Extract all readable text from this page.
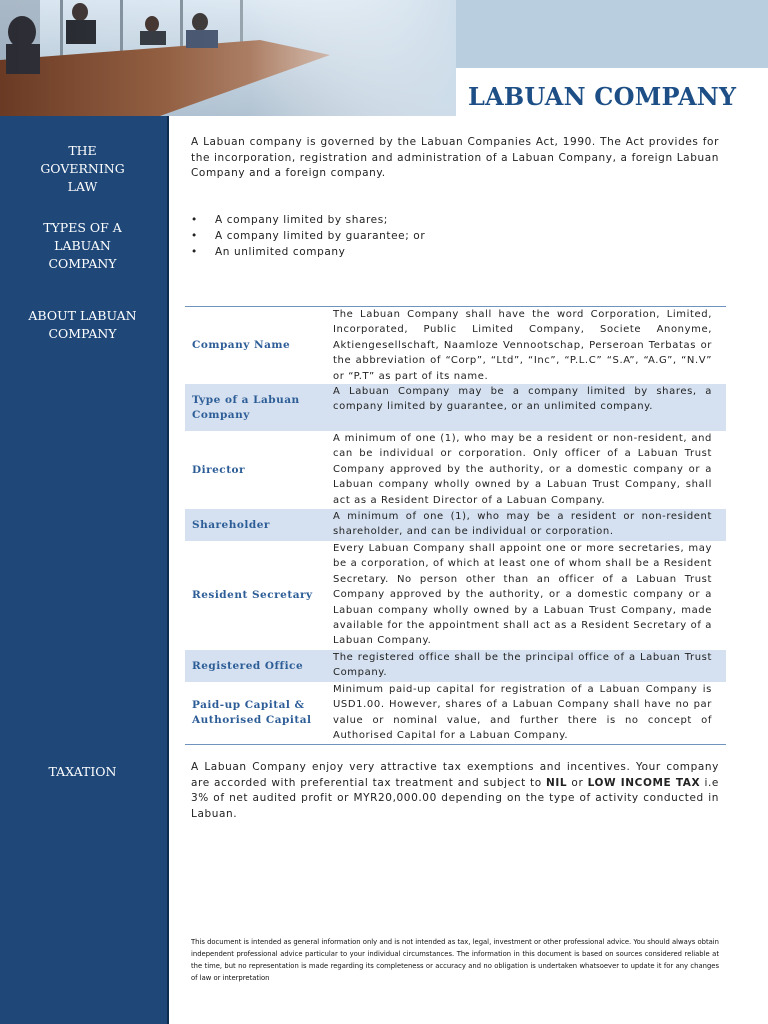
LABUAN COMPANY
THE
GOVERNING
LAW
TYPES OF A
LABUAN
COMPANY
ABOUT LABUAN
COMPANY
TAXATION
A Labuan company is governed by the Labuan Companies Act, 1990. The Act provides for the incorporation, registration and administration of a Labuan Company, a foreign Labuan Company and a foreign company.
• A company limited by shares;
• A company limited by guarantee; or
• An unlimited company
Company Name
The Labuan Company shall have the word Corporation, Limited, Incorporated, Public Limited Company, Societe Anonyme, Aktiengesellschaft, Naamloze Vennootschap, Perseroan Terbatas or the abbreviation of “Corp”, “Ltd”, “Inc”, “P.L.C” “S.A”, “A.G”, “N.V” or “P.T” as part of its name.
Type of a Labuan Company
A Labuan Company may be a company limited by shares, a company limited by guarantee, or an unlimited company.
Director
A minimum of one (1), who may be a resident or non-resident, and can be individual or corporation. Only officer of a Labuan Trust Company approved by the authority, or a domestic company or a Labuan company wholly owned by a Labuan Trust Company, shall act as a Resident Director of a Labuan Company.
Shareholder
A minimum of one (1), who may be a resident or non-resident shareholder, and can be individual or corporation.
Resident Secretary
Every Labuan Company shall appoint one or more secretaries, may be a corporation, of which at least one of whom shall be a Resident Secretary. No person other than an officer of a Labuan Trust Company approved by the authority, or a domestic company or a Labuan company wholly owned by a Labuan Trust Company, made available for the appointment shall act as a Resident Secretary of a Labuan Company.
Registered Office
The registered office shall be the principal office of a Labuan Trust Company.
Paid-up Capital & Authorised Capital
Minimum paid-up capital for registration of a Labuan Company is USD1.00. However, shares of a Labuan Company shall have no par value or nominal value, and further there is no concept of Authorised Capital for a Labuan Company.
A Labuan Company enjoy very attractive tax exemptions and incentives. Your company are accorded with preferential tax treatment and subject to NIL or LOW INCOME TAX i.e 3% of net audited profit or MYR20,000.00 depending on the type of activity conducted in Labuan.
This document is intended as general information only and is not intended as tax, legal, investment or other professional advice. You should always obtain independent professional advice particular to your individual circumstances. The information in this document is based on sources considered reliable at the time, but no representation is made regarding its completeness or accuracy and no obligation is undertaken whatsoever to update it for any changes of law or interpretation
